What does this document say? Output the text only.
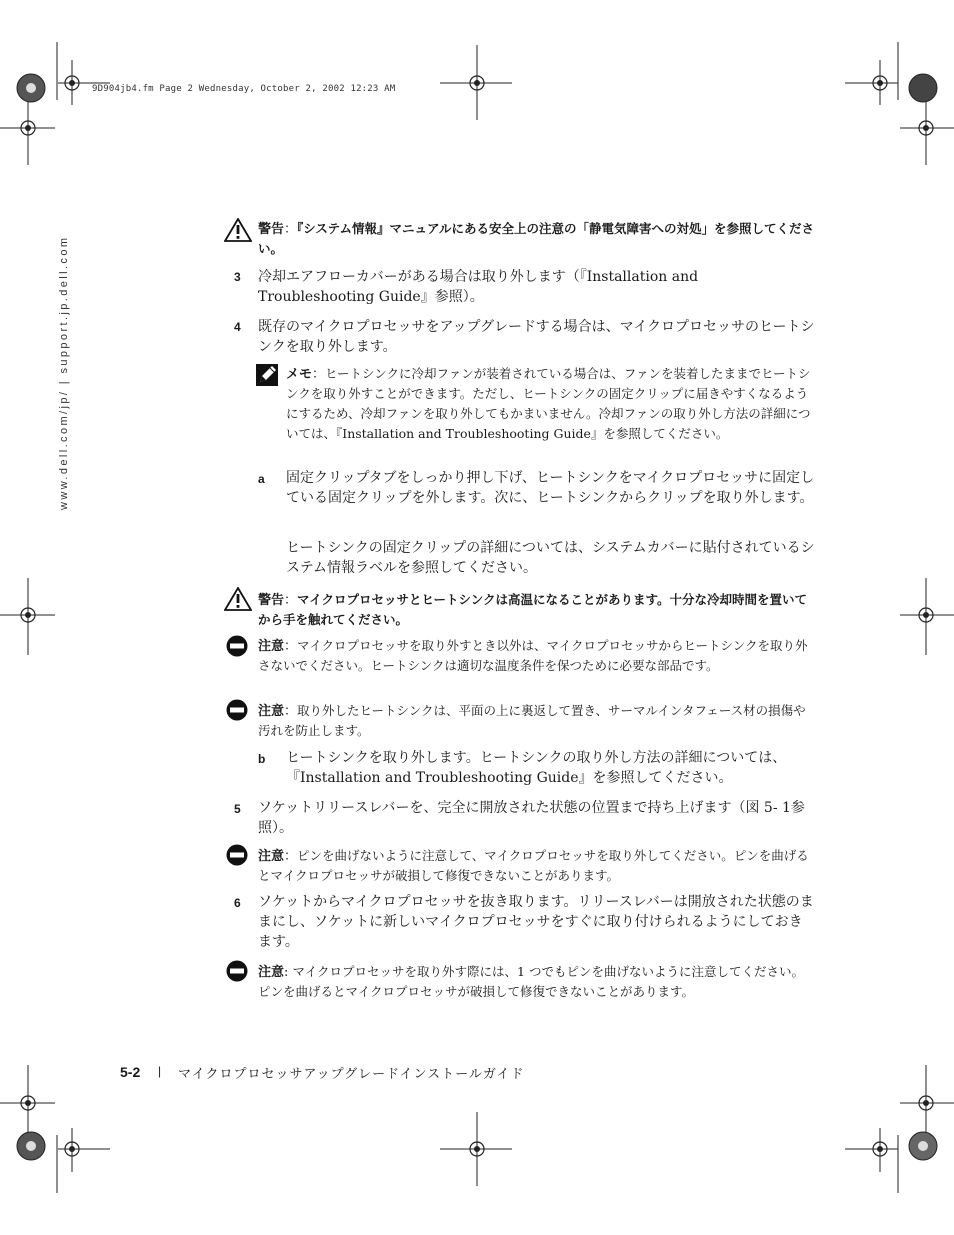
9D904jb4.fm Page 2 Wednesday, October 2, 2002 12:23 AM
www.dell.com/jp/ | support.jp.dell.com
警告：『システム情報』マニュアルにある安全上の注意の「静電気障害への対処」を参照してください。
3 冷却エアフローカバーがある場合は取り外します（『Installation and Troubleshooting Guide』参照）。
4 既存のマイクロプロセッサをアップグレードする場合は、マイクロプロセッサのヒートシンクを取り外します。
メモ：ヒートシンクに冷却ファンが装着されている場合は、ファンを装着したままでヒートシンクを取り外すことができます。ただし、ヒートシンクの固定クリップに届きやすくなるようにするため、冷却ファンを取り外してもかまいません。冷却ファンの取り外し方法の詳細については、『Installation and Troubleshooting Guide』を参照してください。
a 固定クリップタブをしっかり押し下げ、ヒートシンクをマイクロプロセッサに固定している固定クリップを外します。次に、ヒートシンクからクリップを取り外します。
ヒートシンクの固定クリップの詳細については、システムカバーに貼付されているシステム情報ラベルを参照してください。
警告：マイクロプロセッサとヒートシンクは高温になることがあります。十分な冷却時間を置いてから手を触れてください。
注意：マイクロプロセッサを取り外すとき以外は、マイクロプロセッサからヒートシンクを取り外さないでください。ヒートシンクは適切な温度条件を保つために必要な部品です。
注意：取り外したヒートシンクは、平面の上に裏返して置き、サーマルインタフェース材の損傷や汚れを防止します。
b ヒートシンクを取り外します。ヒートシンクの取り外し方法の詳細については、『Installation and Troubleshooting Guide』を参照してください。
5 ソケットリリースレバーを、完全に開放された状態の位置まで持ち上げます（図 5- 1参照）。
注意：ピンを曲げないように注意して、マイクロプロセッサを取り外してください。ピンを曲げるとマイクロプロセッサが破損して修復できないことがあります。
6 ソケットからマイクロプロセッサを抜き取ります。リリースレバーは開放された状態のままにし、ソケットに新しいマイクロプロセッサをすぐに取り付けられるようにしておきます。
注意: マイクロプロセッサを取り外す際には、1 つでもピンを曲げないように注意してください。ピンを曲げるとマイクロプロセッサが破損して修復できないことがあります。
5-2 | マイクロプロセッサアップグレードインストールガイド
